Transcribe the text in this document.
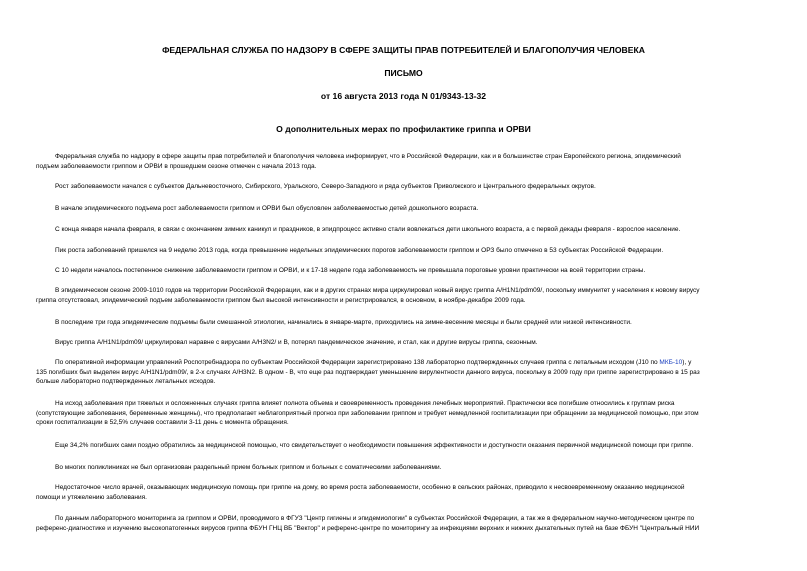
ФЕДЕРАЛЬНАЯ СЛУЖБА ПО НАДЗОРУ В СФЕРЕ ЗАЩИТЫ ПРАВ ПОТРЕБИТЕЛЕЙ И БЛАГОПОЛУЧИЯ ЧЕЛОВЕКА
ПИСЬМО
от 16 августа 2013 года N 01/9343-13-32
О дополнительных мерах по профилактике гриппа и ОРВИ
Федеральная служба по надзору в сфере защиты прав потребителей и благополучия человека информирует, что в Российской Федерации, как и в большинстве стран Европейского региона, эпидемический
подъем заболеваемости гриппом и ОРВИ в прошедшем сезоне отмечен с начала 2013 года.
Рост заболеваемости начался с субъектов Дальневосточного, Сибирского, Уральского, Северо-Западного и ряда субъектов Приволжского и Центрального федеральных округов.
В начале эпидемического подъема рост заболеваемости гриппом и ОРВИ был обусловлен заболеваемостью детей дошкольного возраста.
С конца января начала февраля, в связи с окончанием зимних каникул и праздников, в эпидпроцесс активно стали вовлекаться дети школьного возраста, а с первой декады февраля - взрослое население.
Пик роста заболеваний пришелся на 9 неделю 2013 года, когда превышение недельных эпидемических порогов заболеваемости гриппом и ОРЗ было отмечено в 53 субъектах Российской Федерации.
С 10 недели началось постепенное снижение заболеваемости гриппом и ОРВИ, и к 17-18 неделе года заболеваемость не превышала пороговые уровни практически на всей территории страны.
В эпидемическом сезоне 2009-1010 годов на территории Российской Федерации, как и в других странах мира циркулировал новый вирус гриппа A/H1N1/pdm09/, поскольку иммунитет у населения к новому вирусу
гриппа отсутствовал, эпидемический подъем заболеваемости гриппом был высокой интенсивности и регистрировался, в основном, в ноябре-декабре 2009 года.
В последние три года эпидемические подъемы были смешанной этиологии, начинались в январе-марте, приходились на зимне-весенние месяцы и были средней или низкой интенсивности.
Вирус гриппа A/H1N1/pdm09/ циркулировал наравне с вирусами A/H3N2/ и B, потерял пандемическое значение, и стал, как и другие вирусы гриппа, сезонным.
По оперативной информации управлений Роспотребнадзора по субъектам Российской Федерации зарегистрировано 138 лабораторно подтвержденных случаев гриппа с летальным исходом (J10 по МКБ-10), у
135 погибших был выделен вирус A/H1N1/pdm09/, в 2-х случаях A/H3N2. В одном - B, что еще раз подтверждает уменьшение вирулентности данного вируса, поскольку в 2009 году при гриппе зарегистрировано в 15 раз
больше лабораторно подтвержденных летальных исходов.
На исход заболевания при тяжелых и осложненных случаях гриппа влияет полнота объема и своевременность проведения лечебных мероприятий. Практически все погибшие относились к группам риска
(сопутствующие заболевания, беременные женщины), что предполагает неблагоприятный прогноз при заболевании гриппом и требует немедленной госпитализации при обращении за медицинской помощью, при этом
сроки госпитализации в 52,5% случаев составили 3-11 день с момента обращения.
Еще 34,2% погибших сами поздно обратились за медицинской помощью, что свидетельствует о необходимости повышения эффективности и доступности оказания первичной медицинской помощи при гриппе.
Во многих поликлиниках не был организован раздельный прием больных гриппом и больных с соматическими заболеваниями.
Недостаточное число врачей, оказывающих медицинскую помощь при гриппе на дому, во время роста заболеваемости, особенно в сельских районах, приводило к несвоевременному оказанию медицинской
помощи и утяжелению заболевания.
По данным лабораторного мониторинга за гриппом и ОРВИ, проводимого в ФГУЗ "Центр гигиены и эпидемиологии" в субъектах Российской Федерации, а так же в федеральном научно-методическом центре по
референс-диагностике и изучению высокопатогенных вирусов гриппа ФБУН ГНЦ ВБ "Вектор" и референс-центре по мониторингу за инфекциями верхних и нижних дыхательных путей на базе ФБУН "Центральный НИИ
